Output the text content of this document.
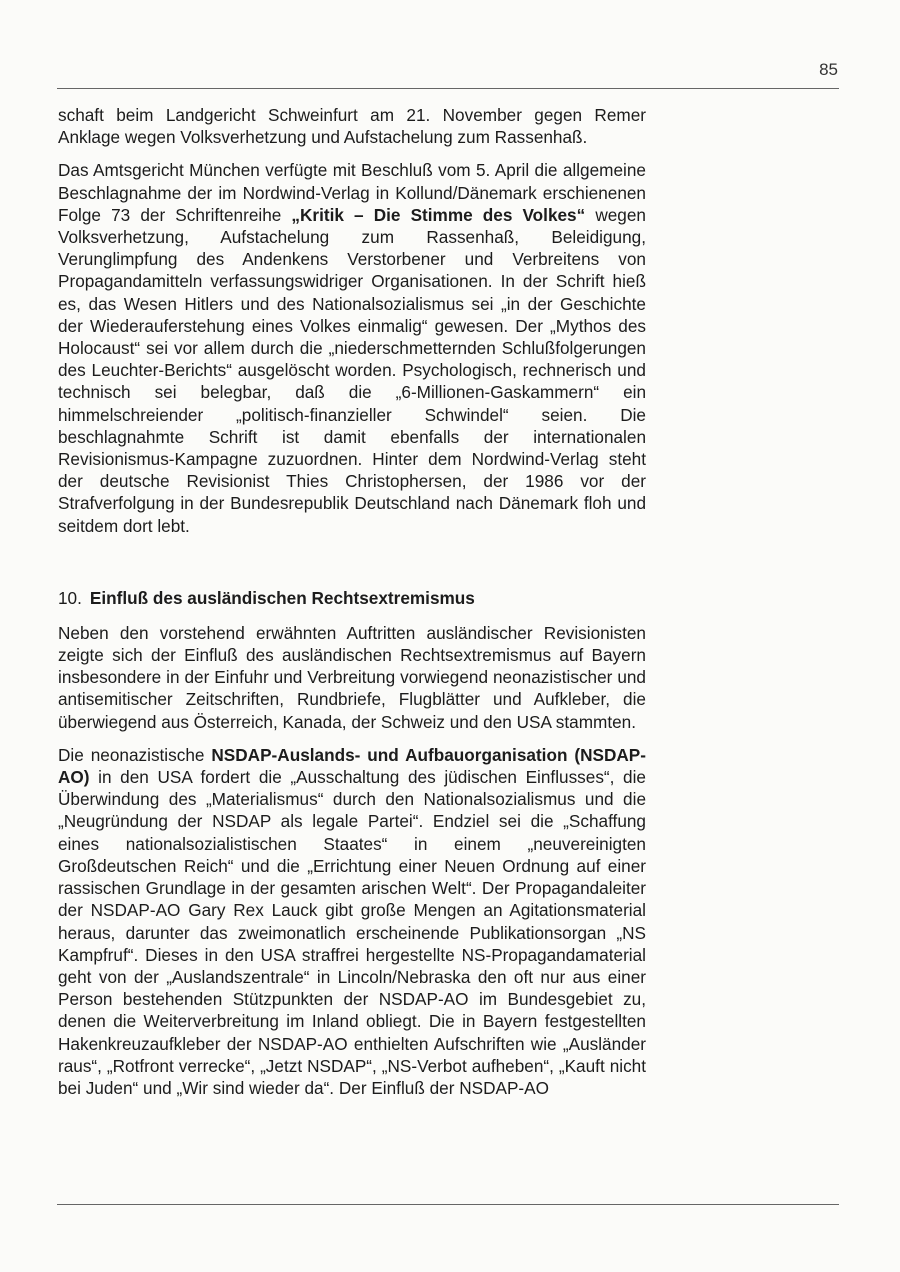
85

schaft beim Landgericht Schweinfurt am 21. November gegen Remer Anklage wegen Volksverhetzung und Aufstachelung zum Rassenhaß.

Das Amtsgericht München verfügte mit Beschluß vom 5. April die allgemeine Beschlagnahme der im Nordwind-Verlag in Kollund/Dänemark erschienenen Folge 73 der Schriftenreihe „Kritik – Die Stimme des Volkes“ wegen Volksverhetzung, Aufstachelung zum Rassenhaß, Beleidigung, Verunglimpfung des Andenkens Verstorbener und Verbreitens von Propagandamitteln verfassungswidriger Organisationen. In der Schrift hieß es, das Wesen Hitlers und des Nationalsozialismus sei „in der Geschichte der Wiederauferstehung eines Volkes einmalig“ gewesen. Der „Mythos des Holocaust“ sei vor allem durch die „niederschmetternden Schlußfolgerungen des Leuchter-Berichts“ ausgelöscht worden. Psychologisch, rechnerisch und technisch sei belegbar, daß die „6-Millionen-Gaskammern“ ein himmelschreiender „politisch-finanzieller Schwindel“ seien. Die beschlagnahmte Schrift ist damit ebenfalls der internationalen Revisionismus-Kampagne zuzuordnen. Hinter dem Nordwind-Verlag steht der deutsche Revisionist Thies Christophersen, der 1986 vor der Strafverfolgung in der Bundesrepublik Deutschland nach Dänemark floh und seitdem dort lebt.

10. Einfluß des ausländischen Rechtsextremismus

Neben den vorstehend erwähnten Auftritten ausländischer Revisionisten zeigte sich der Einfluß des ausländischen Rechtsextremismus auf Bayern insbesondere in der Einfuhr und Verbreitung vorwiegend neonazistischer und antisemitischer Zeitschriften, Rundbriefe, Flugblätter und Aufkleber, die überwiegend aus Österreich, Kanada, der Schweiz und den USA stammten.

Die neonazistische NSDAP-Auslands- und Aufbauorganisation (NSDAP-AO) in den USA fordert die „Ausschaltung des jüdischen Einflusses“, die Überwindung des „Materialismus“ durch den Nationalsozialismus und die „Neugründung der NSDAP als legale Partei“. Endziel sei die „Schaffung eines nationalsozialistischen Staates“ in einem „neuvereinigten Großdeutschen Reich“ und die „Errichtung einer Neuen Ordnung auf einer rassischen Grundlage in der gesamten arischen Welt“. Der Propagandaleiter der NSDAP-AO Gary Rex Lauck gibt große Mengen an Agitationsmaterial heraus, darunter das zweimonatlich erscheinende Publikationsorgan „NS Kampfruf“. Dieses in den USA straffrei hergestellte NS-Propagandamaterial geht von der „Auslandszentrale“ in Lincoln/Nebraska den oft nur aus einer Person bestehenden Stützpunkten der NSDAP-AO im Bundesgebiet zu, denen die Weiterverbreitung im Inland obliegt. Die in Bayern festgestellten Hakenkreuzaufkleber der NSDAP-AO enthielten Aufschriften wie „Ausländer raus“, „Rotfront verrecke“, „Jetzt NSDAP“, „NS-Verbot aufheben“, „Kauft nicht bei Juden“ und „Wir sind wieder da“. Der Einfluß der NSDAP-AO
